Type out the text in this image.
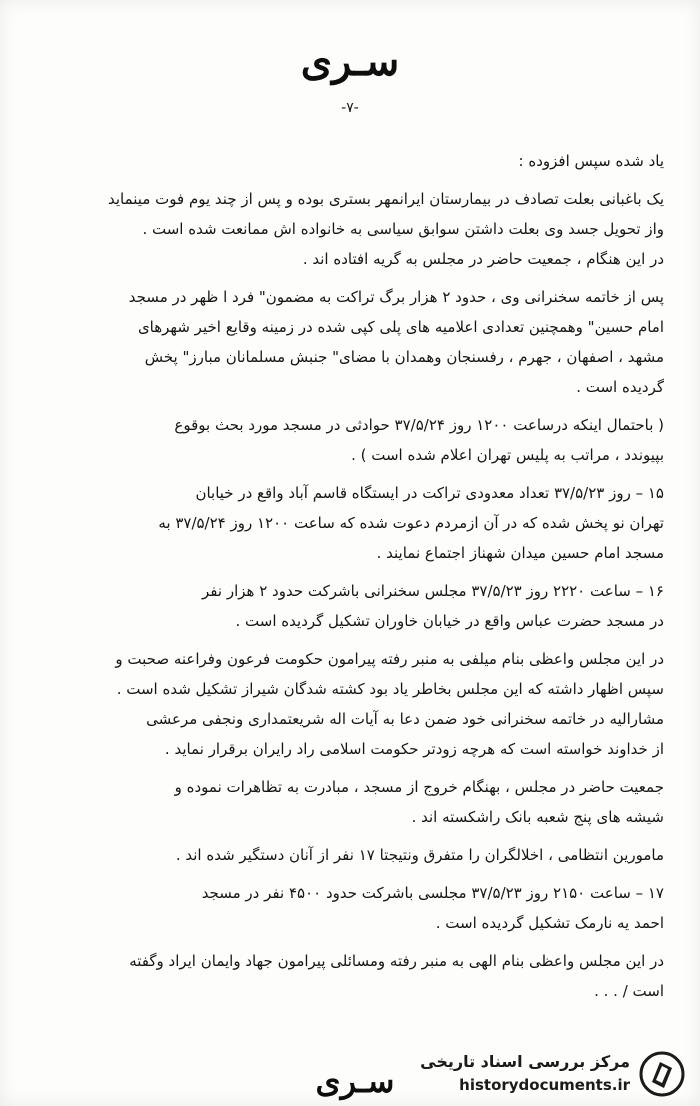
سـرى
-۷-
یاد شده سپس افزوده :
یک باغبانی بعلت تصادف در بیمارستان ایرانمهر بستری بوده و پس از چند یوم فوت مینماید
واز تحویل جسد وی بعلت داشتن سوابق سیاسی به خانواده اش ممانعت شده است .
در این هنگام ، جمعیت حاضر در مجلس به گریه افتاده اند .
پس از خاتمه سخنرانی وی ، حدود ۲ هزار برگ تراکت به مضمون" فرد ا ظهر در مسجد
امام حسین" وهمچنین تعدادی اعلامیه های پلی کپی شده در زمینه وقایع اخیر شهرهای
مشهد ، اصفهان ، جهرم ، رفسنجان وهمدان با مضای" جنبش مسلمانان مبارز" پخش
گردیده است .
( باحتمال اینکه درساعت ۱۲۰۰ روز ۳۷/۵/۲۴ حوادثی در مسجد مورد بحث بوقوع
بپیوندد ، مراتب به پلیس تهران اعلام شده است ) .
۱۵ – روز ۳۷/۵/۲۳ تعداد معدودی تراکت در ایستگاه قاسم آباد واقع در خیابان
تهران نو پخش شده که در آن ازمردم دعوت شده که ساعت ۱۲۰۰ روز ۳۷/۵/۲۴ به
مسجد امام حسین میدان شهناز اجتماع نمایند .
۱۶ – ساعت ۲۲۲۰ روز ۳۷/۵/۲۳ مجلس سخنرانی باشرکت حدود ۲ هزار نفر
در مسجد حضرت عباس واقع در خیابان خاوران تشکیل گردیده است .
در این مجلس واعظی بنام میلفی به منبر رفته پیرامون حکومت فرعون وفراعنه صحبت و
سپس اظهار داشته که این مجلس بخاطر یاد بود کشته شدگان شیراز تشکیل شده است .
مشارالیه در خاتمه سخنرانی خود ضمن دعا به آیات اله شریعتمداری ونجفی مرعشی
از خداوند خواسته است که هرچه زودتر حکومت اسلامی راد رایران برقرار نماید .
جمعیت حاضر در مجلس ، بهنگام خروج از مسجد ، مبادرت به تظاهرات نموده و
شیشه های پنج شعبه بانک راشکسته اند .
مامورین انتظامی ، اخلالگران را متفرق ونتیجتا ۱۷ نفر از آنان دستگیر شده اند .
۱۷ – ساعت ۲۱۵۰ روز ۳۷/۵/۲۳ مجلسی باشرکت حدود ۴۵۰۰ نفر در مسجد
احمد یه نارمک تشکیل گردیده است .
در این مجلس واعظی بنام الهی به منبر رفته ومسائلی پیرامون جهاد وایمان ایراد وگفته
است / . . .
سـرى
مرکز بررسی اسناد تاریخی
historydocuments.ir
